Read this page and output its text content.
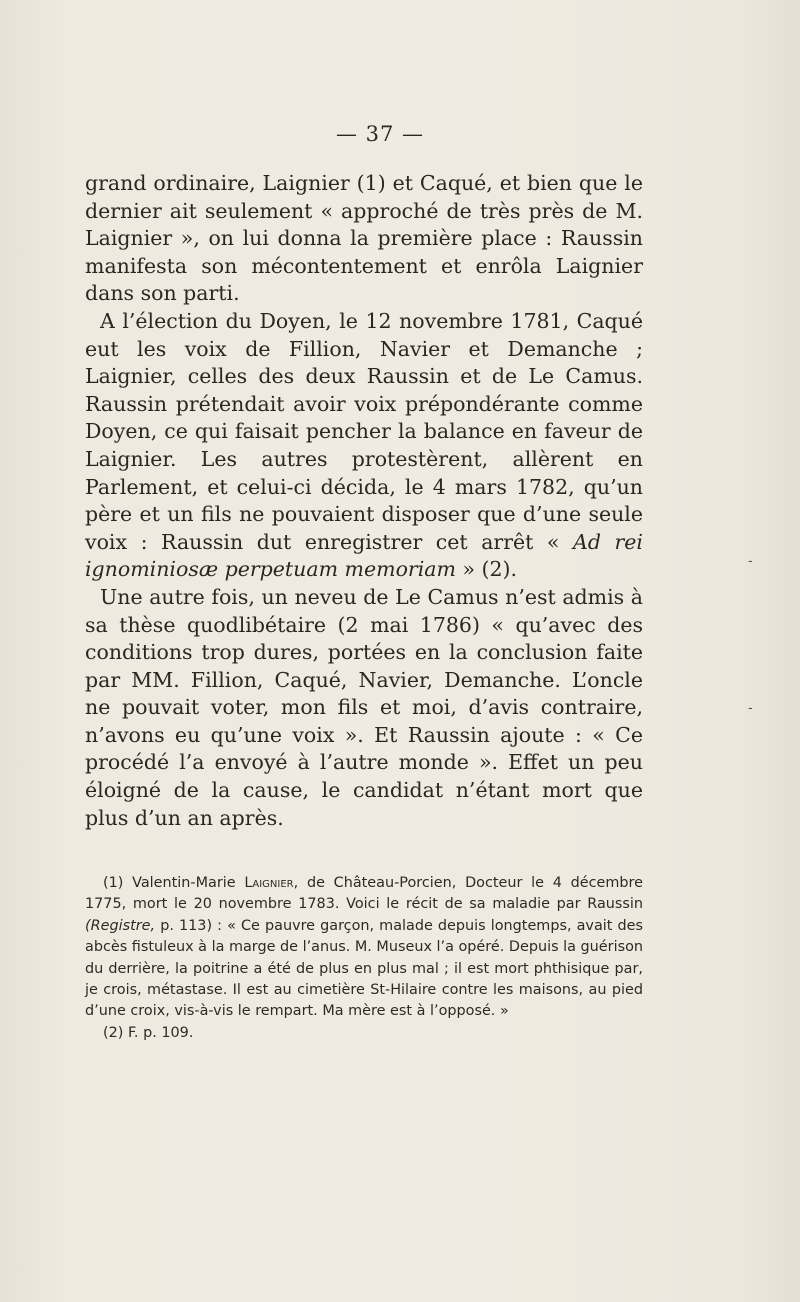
— 37 —

grand ordinaire, Laignier (1) et Caqué, et bien que le dernier ait seulement « approché de très près de M. Laignier », on lui donna la première place : Raussin manifesta son mécontentement et enrôla Laignier dans son parti.

A l’élection du Doyen, le 12 novembre 1781, Caqué eut les voix de Fillion, Navier et Demanche ; Laignier, celles des deux Raussin et de Le Camus. Raussin prétendait avoir voix prépondérante comme Doyen, ce qui faisait pencher la balance en faveur de Laignier. Les autres protestèrent, allèrent en Parlement, et celui-ci décida, le 4 mars 1782, qu’un père et un fils ne pouvaient disposer que d’une seule voix : Raussin dut enregistrer cet arrêt « Ad rei ignominiosæ perpetuam memoriam » (2).

Une autre fois, un neveu de Le Camus n’est admis à sa thèse quodlibétaire (2 mai 1786) « qu’avec des conditions trop dures, portées en la conclusion faite par MM. Fillion, Caqué, Navier, Demanche. L’oncle ne pouvait voter, mon fils et moi, d’avis contraire, n’avons eu qu’une voix ». Et Raussin ajoute : « Ce procédé l’a envoyé à l’autre monde ». Effet un peu éloigné de la cause, le candidat n’étant mort que plus d’un an après.

(1) Valentin-Marie Laignier, de Château-Porcien, Docteur le 4 décembre 1775, mort le 20 novembre 1783. Voici le récit de sa maladie par Raussin (Registre, p. 113) : « Ce pauvre garçon, malade depuis longtemps, avait des abcès fistuleux à la marge de l’anus. M. Museux l’a opéré. Depuis la guérison du derrière, la poitrine a été de plus en plus mal ; il est mort phthisique par, je crois, métastase. Il est au cimetière St-Hilaire contre les maisons, au pied d’une croix, vis-à-vis le rempart. Ma mère est à l’opposé. »

(2) F. p. 109.

-
-
